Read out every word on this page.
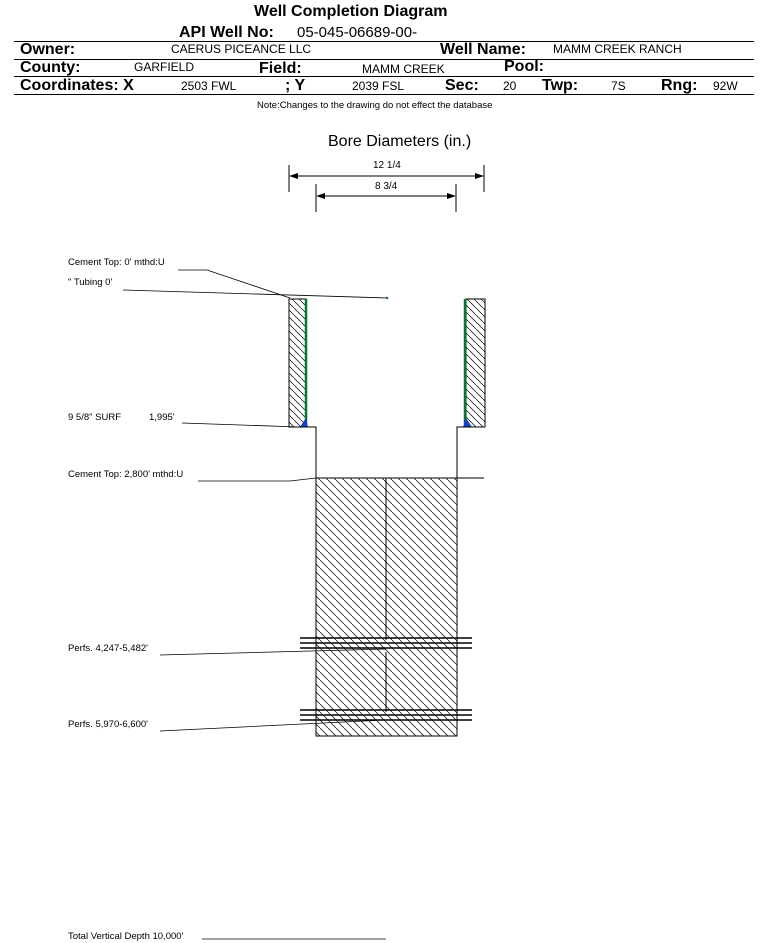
Well Completion Diagram
API Well No: 05-045-06689-00-
Owner:	CAERUS PICEANCE LLC	Well Name: MAMM CREEK RANCH
County:	GARFIELD	Field:	MAMM CREEK	Pool:
Coordinates: X	2503 FWL	; Y	2039 FSL	Sec: 20 Twp:	7S Rng: 92W
Note:Changes to the drawing do not effect the database
Bore Diameters (in.)
12 1/4
8 3/4
Cement Top: 0' mthd:U
" Tubing 0'
9 5/8" SURF	1,995'
Cement Top: 2,800' mthd:U
Perfs. 4,247-5,482'
Perfs. 5,970-6,600'
Total Vertical Depth 10,000'
